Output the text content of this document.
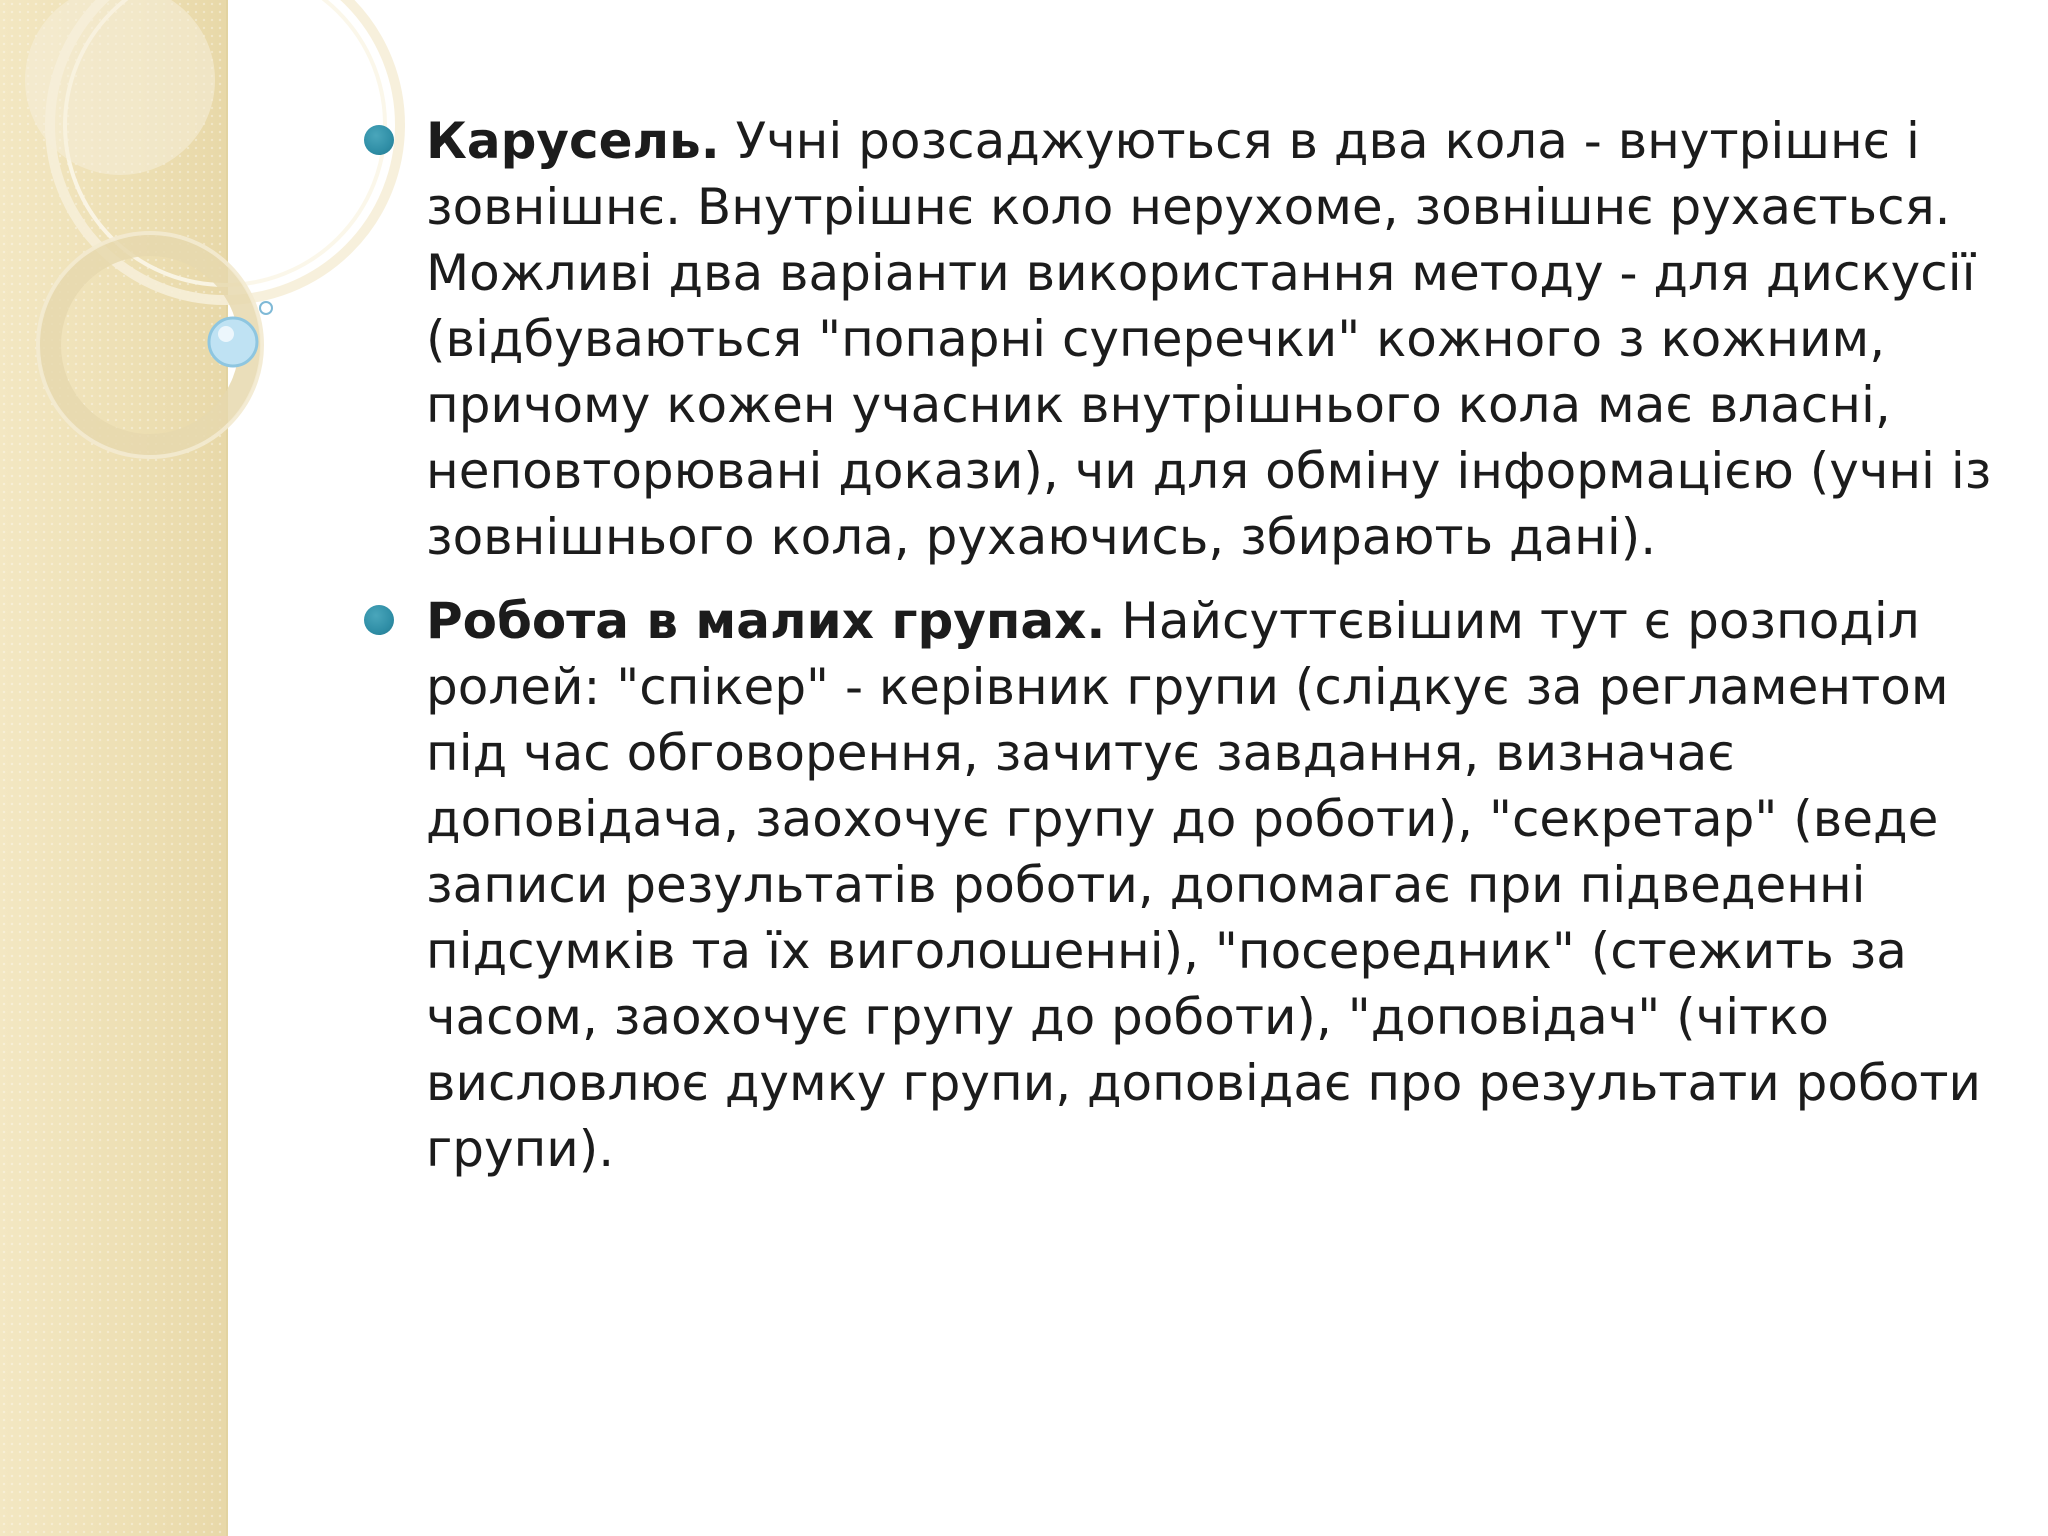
Карусель. Учні розсаджуються в два кола - внутрішнє і зовнішнє. Внутрішнє коло нерухоме, зовнішнє рухається. Можливі два варіанти використання методу - для дискусії (відбуваються "попарні суперечки" кожного з кожним, причому кожен учасник внутрішнього кола має власні, неповторювані докази), чи для обміну інформацією (учні із зовнішнього кола, рухаючись, збирають дані).

Робота в малих групах. Найсуттєвішим тут є розподіл ролей: "спікер" - керівник групи (слідкує за регламентом під час обговорення, зачитує завдання, визначає доповідача, заохочує групу до роботи), "секретар" (веде записи результатів роботи, допомагає при підведенні підсумків та їх виголошенні), "посередник" (стежить за часом, заохочує групу до роботи), "доповідач" (чітко висловлює думку групи, доповідає про результати роботи групи).
